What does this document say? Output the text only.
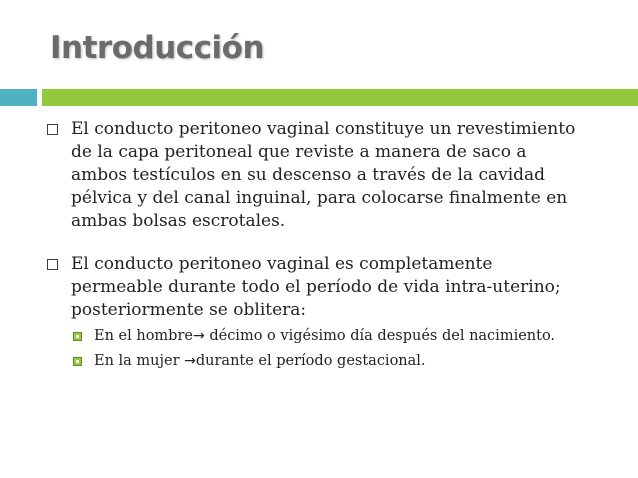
Introducción
El conducto peritoneo vaginal constituye un revestimiento de la capa peritoneal que reviste a manera de saco a ambos testículos en su descenso a través de la cavidad pélvica y del canal inguinal, para colocarse finalmente en ambas bolsas escrotales.
El conducto peritoneo vaginal es completamente permeable durante todo el período de vida intra-uterino; posteriormente se oblitera:
En el hombre→ décimo o vigésimo día después del nacimiento.
En la mujer →durante el período gestacional.
